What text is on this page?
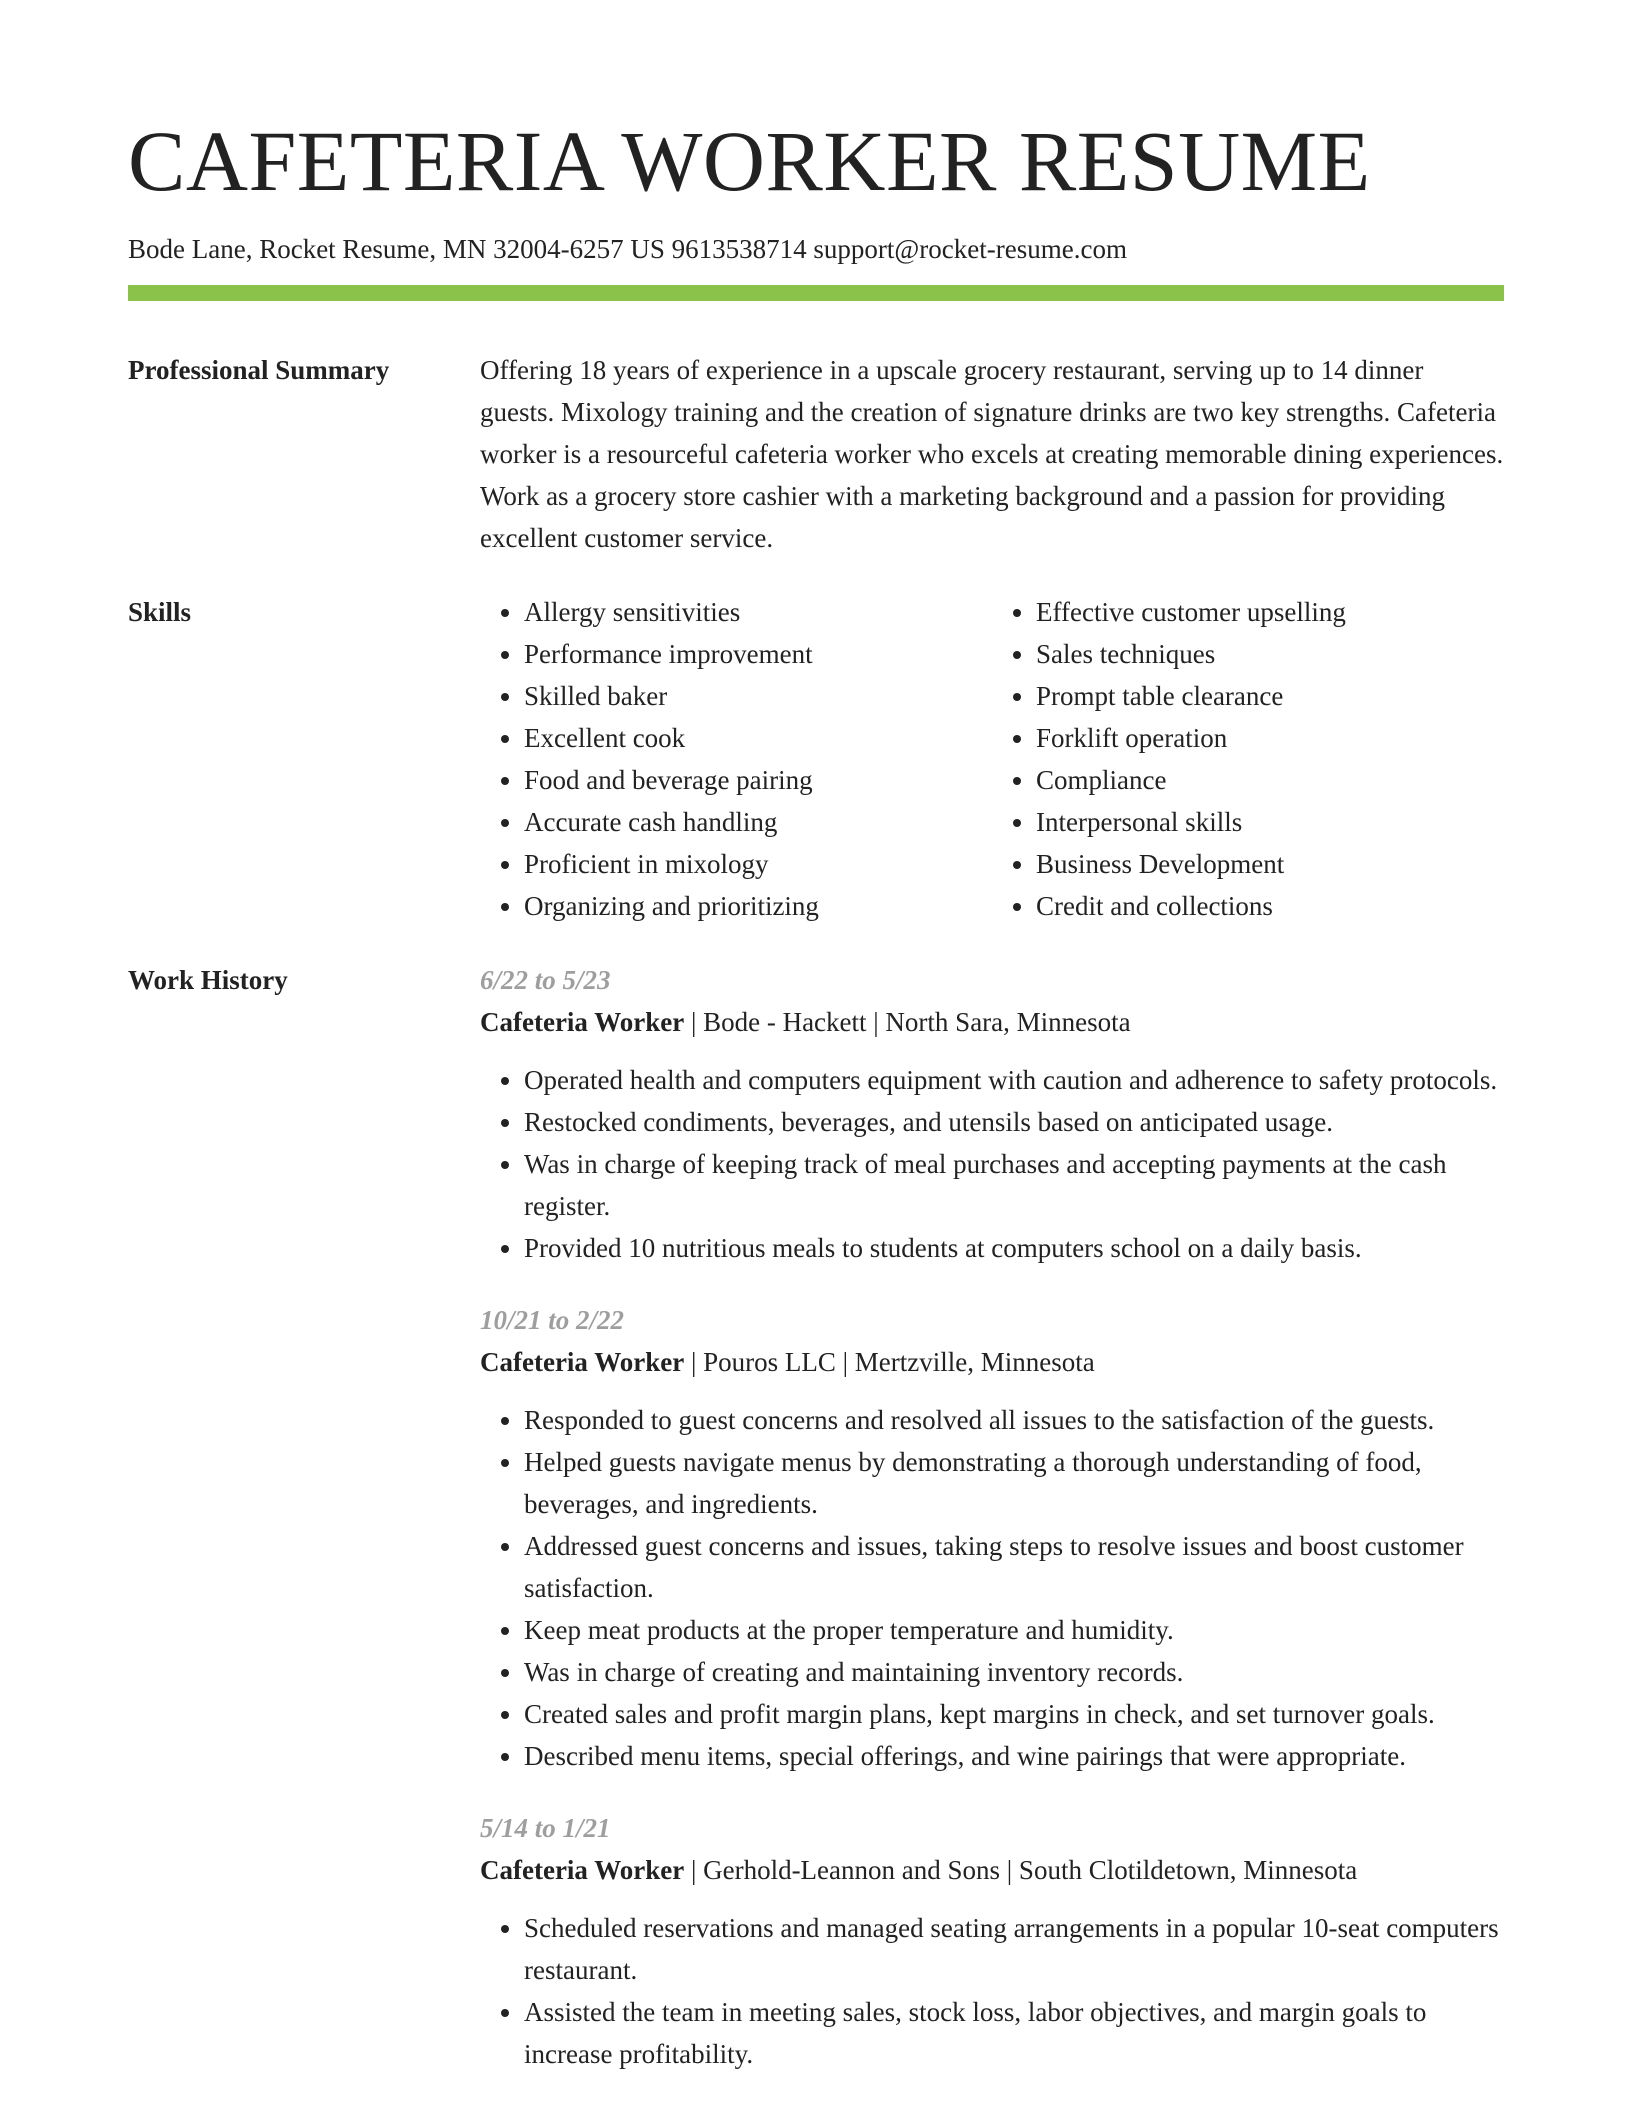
CAFETERIA WORKER RESUME
Bode Lane, Rocket Resume, MN 32004-6257 US 9613538714 support@rocket-resume.com
Professional Summary	Offering 18 years of experience in a upscale grocery restaurant, serving up to 14 dinner guests. Mixology training and the creation of signature drinks are two key strengths. Cafeteria worker is a resourceful cafeteria worker who excels at creating memorable dining experiences. Work as a grocery store cashier with a marketing background and a passion for providing excellent customer service.

Skills
•	Allergy sensitivities
• Performance improvement
• Skilled baker
• Excellent cook
• Food and beverage pairing
• Accurate cash handling
• Proficient in mixology
• Organizing and prioritizing
• Effective customer upselling
• Sales techniques
• Prompt table clearance
• Forklift operation
• Compliance
• Interpersonal skills
• Business Development
• Credit and collections
Work History	6/22 to 5/23
Cafeteria Worker | Bode - Hackett | North Sara, Minnesota
• Operated health and computers equipment with caution and adherence to safety protocols.
• Restocked condiments, beverages, and utensils based on anticipated usage.
• Was in charge of keeping track of meal purchases and accepting payments at the cash register.
• Provided 10 nutritious meals to students at computers school on a daily basis.
10/21 to 2/22
Cafeteria Worker | Pouros LLC | Mertzville, Minnesota
• Responded to guest concerns and resolved all issues to the satisfaction of the guests.
• Helped guests navigate menus by demonstrating a thorough understanding of food, beverages, and ingredients.
• Addressed guest concerns and issues, taking steps to resolve issues and boost customer satisfaction.
• Keep meat products at the proper temperature and humidity.
• Was in charge of creating and maintaining inventory records.
• Created sales and profit margin plans, kept margins in check, and set turnover goals.
• Described menu items, special offerings, and wine pairings that were appropriate.
5/14 to 1/21
Cafeteria Worker | Gerhold-Leannon and Sons | South Clotildetown, Minnesota
• Scheduled reservations and managed seating arrangements in a popular 10-seat computers restaurant.
• Assisted the team in meeting sales, stock loss, labor objectives, and margin goals to increase profitability.
